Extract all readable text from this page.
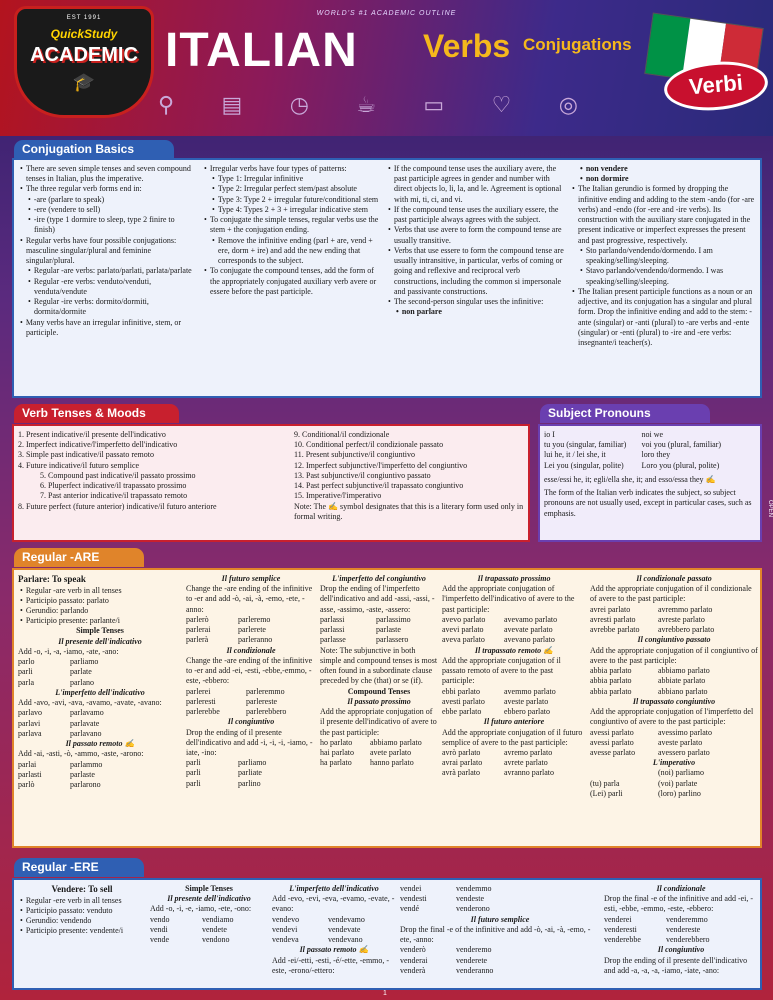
WORLD'S #1 ACADEMIC OUTLINE
EST 1991
QuickStudy
ACADEMIC
🎓
ITALIAN Verbs Conjugations
Verbi
⚲ ▤ ◷ ☕ ▭ ♡ ◎
Conjugation Basics
• There are seven simple tenses and seven compound tenses in Italian, plus the imperative.
• The three regular verb forms end in:
• -are (parlare to speak)
• -ere (vendere to sell)
• -ire (type 1 dormire to sleep, type 2 finire to finish)
• Regular verbs have four possible conjugations: masculine singular/plural and feminine singular/plural.
• Regular -are verbs: parlato/parlati, parlata/parlate
• Regular -ere verbs: venduto/venduti, venduta/vendute
• Regular -ire verbs: dormito/dormiti, dormita/dormite
• Many verbs have an irregular infinitive, stem, or participle.
• Irregular verbs have four types of patterns:
• Type 1: Irregular infinitive
• Type 2: Irregular perfect stem/past absolute
• Type 3: Type 2 + irregular future/conditional stem
• Type 4: Types 2 + 3 + irregular indicative stem
• To conjugate the simple tenses, regular verbs use the stem + the conjugation ending.
• Remove the infinitive ending (parl + are, vend + ere, dorm + ire) and add the new ending that corresponds to the subject.
• To conjugate the compound tenses, add the form of the appropriately conjugated auxiliary verb avere or essere before the past participle.
• If the compound tense uses the auxiliary avere, the past participle agrees in gender and number with direct objects lo, li, la, and le. Agreement is optional with mi, ti, ci, and vi.
• If the compound tense uses the auxiliary essere, the past participle always agrees with the subject.
• Verbs that use avere to form the compound tense are usually transitive.
• Verbs that use essere to form the compound tense are usually intransitive, in particular, verbs of coming or going and reflexive and reciprocal verb constructions, including the common si impersonale and passivante constructions.
• The second-person singular uses the infinitive:
• non parlare
• non vendere
• non dormire
• The Italian gerundio is formed by dropping the infinitive ending and adding to the stem -ando (for -are verbs) and -endo (for -ere and -ire verbs). Its construction with the auxiliary stare conjugated in the present indicative or imperfect expresses the present and past progressive, respectively.
• Sto parlando/vendendo/dormendo. I am speaking/selling/sleeping.
• Stavo parlando/vendendo/dormendo. I was speaking/selling/sleeping.
• The Italian present participle functions as a noun or an adjective, and its conjugation has a singular and plural form. Drop the infinitive ending and add to the stem: -ante (singular) or -anti (plural) to -are verbs and -ente (singular) or -enti (plural) to -ire and -ere verbs: insegnante/i teacher(s).
Verb Tenses & Moods

1. Present indicative/il presente dell'indicativo

2. Imperfect indicative/l'imperfetto dell'indicativo

3. Simple past indicative/il passato remoto

4. Future indicative/il futuro semplice

5. Compound past indicative/il passato prossimo

6. Pluperfect indicative/il trapassato prossimo

7. Past anterior indicative/il trapassato remoto

8. Future perfect (future anterior) indicative/il futuro anteriore

9. Conditional/il condizionale

10. Conditional perfect/il condizionale passato

11. Present subjunctive/il congiuntivo

12. Imperfect subjunctive/l'imperfetto del congiuntivo

13. Past subjunctive/il congiuntivo passato

14. Past perfect subjunctive/il trapassato congiuntivo

15. Imperative/l'imperativo

Note: The ✍ symbol designates that this is a literary form used only in formal writing.

Subject Pronouns
io I	noi we
tu you (singular, familiar)	voi you (plural, familiar)
lui he, it / lei she, it	loro they
Lei you (singular, polite)	Loro you (plural, polite)

esse/essi he, it; egli/ella she, it; and esso/essa they ✍

The form of the Italian verb indicates the subject, so subject pronouns are not usually used, except in particular cases, such as emphasis.	OPEN
Regular -ARE

Parlare: To speak

• Regular -are verb in all tenses
• Participio passato: parlato
• Gerundio: parlando
• Participio presente: parlante/i

Simple Tenses

Il presente dell'indicativo

Add -o, -i, -a, -iamo, -ate, -ano:

parlo	parliamo
parli	parlate
parla	parlano

L'imperfetto dell'indicativo

Add -avo, -avi, -ava, -avamo, -avate, -avano:

parlavo	parlavamo
parlavi	parlavate
parlava	parlavano

Il passato remoto ✍

Add -ai, -asti, -ò, -ammo, -aste, -arono:

parlai	parlammo
parlasti	parlaste
parlò	parlarono

Il futuro semplice

Change the -are ending of the infinitive to -er and add -ò, -ai, -à, -emo, -ete, -anno:

parlerò	parleremo
parlerai	parlerete
parlerà	parleranno

Il condizionale

Change the -are ending of the infinitive to -er and add -ei, -esti, -ebbe,-emmo, -este, -ebbero:

parlerei	parleremmo
parleresti	parlereste
parlerebbe	parlerebbero

Il congiuntivo

Drop the ending of il presente dell'indicativo and add -i, -i, -i, -iamo, -iate, -ino:

parli	parliamo
parli	parliate
parli	parlino

L'imperfetto del congiuntivo

Drop the ending of l'imperfetto dell'indicativo and add -assi, -assi, -asse, -assimo, -aste, -assero:

parlassi	parlassimo
parlassi	parlaste
parlasse	parlassero

Note: The subjunctive in both simple and compound tenses is most often found in a subordinate clause preceded by che (that) or se (if).

Compound Tenses

Il passato prossimo

Add the appropriate conjugation of il presente dell'indicativo of avere to the past participle:

ho parlato	abbiamo parlato
hai parlato	avete parlato
ha parlato	hanno parlato

Il trapassato prossimo

Add the appropriate conjugation of l'imperfetto dell'indicativo of avere to the past participle:

avevo parlato	avevamo parlato
avevi parlato	avevate parlato
aveva parlato	avevano parlato

Il trapassato remoto ✍

Add the appropriate conjugation of il passato remoto of avere to the past participle:

ebbi parlato	avemmo parlato
avesti parlato	aveste parlato
ebbe parlato	ebbero parlato

Il futuro anteriore

Add the appropriate conjugation of il futuro semplice of avere to the past participle:

avrò parlato	avremo parlato
avrai parlato	avrete parlato
avrà parlato	avranno parlato

Il condizionale passato

Add the appropriate conjugation of il condizionale of avere to the past participle:

avrei parlato	avremmo parlato
avresti parlato	avreste parlato
avrebbe parlato	avrebbero parlato

Il congiuntivo passato

Add the appropriate conjugation of il congiuntivo of avere to the past participle:

abbia parlato	abbiamo parlato
abbia parlato	abbiate parlato
abbia parlato	abbiano parlato

Il trapassato congiuntivo

Add the appropriate conjugation of l'imperfetto del congiuntivo of avere to the past participle:

avessi parlato	avessimo parlato
avessi parlato	aveste parlato
avesse parlato	avessero parlato

L'imperativo

(noi) parliamo
(tu) parla	(voi) parlate
(Lei) parli	(loro) parlino
Regular -ERE

Vendere: To sell

• Regular -ere verb in all tenses
• Participio passato: venduto
• Gerundio: vendendo
• Participio presente: vendente/i

Simple Tenses

Il presente dell'indicativo

Add -o, -i, -e, -iamo, -ete, -ono:

vendo	vendiamo
vendi	vendete
vende	vendono

L'imperfetto dell'indicativo

Add -evo, -evi, -eva, -evamo, -evate, -evano:

vendevo	vendevamo
vendevi	vendevate
vendeva	vendevano

Il passato remoto ✍

Add -ei/-etti, -esti, -é/-ette, -emmo, -este, -erono/-ettero:

vendei	vendemmo
vendesti	vendeste
vendé	venderono

Il futuro semplice

Drop the final -e of the infinitive and add -ò, -ai, -à, -emo, -ete, -anno:

venderò	venderemo
venderai	venderete
venderà	venderanno

Il condizionale

Drop the final -e of the infinitive and add -ei, -esti, -ebbe, -emmo, -este, -ebbero:

venderei	venderemmo
venderesti	vendereste
venderebbe	venderebbero

Il congiuntivo

Drop the ending of il presente dell'indicativo and add -a, -a, -a, -iamo, -iate, -ano:

1
